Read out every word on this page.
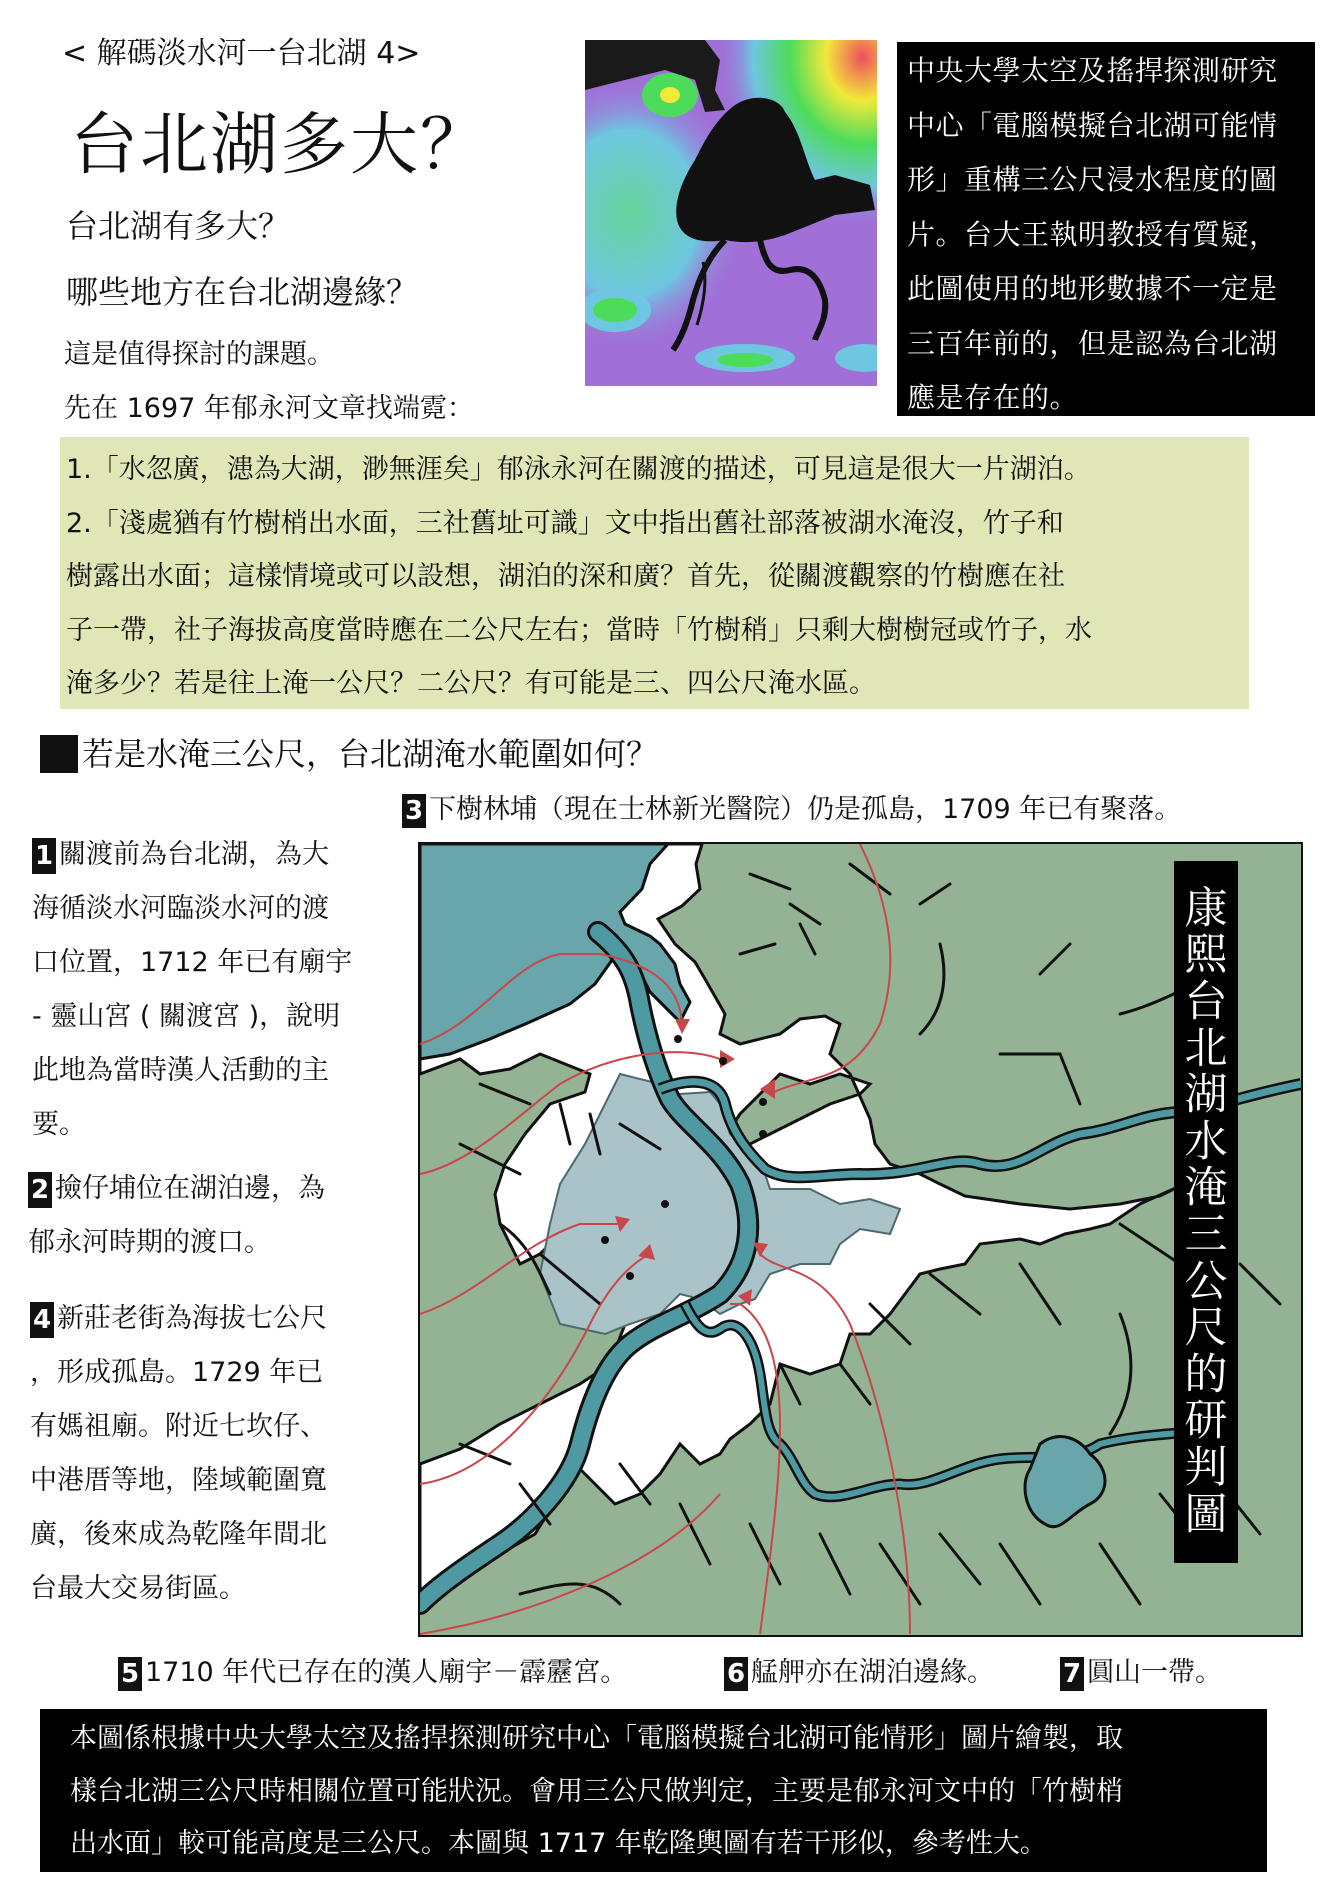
< 解碼淡水河一台北湖 4>
台北湖多大？
台北湖有多大？
哪些地方在台北湖邊緣？
這是值得探討的課題。
先在 1697 年郁永河文章找端霓：
中央大學太空及搖捍探測研究
中心「電腦模擬台北湖可能情
形」重構三公尺浸水程度的圖
片。台大王執明教授有質疑，
此圖使用的地形數據不一定是
三百年前的，但是認為台北湖
應是存在的。
1.「水忽廣，漶為大湖，渺無涯矣」郁泳永河在關渡的描述，可見這是很大一片湖泊。
2.「淺處猶有竹樹梢出水面，三社舊址可識」文中指出舊社部落被湖水淹沒，竹子和
樹露出水面；這樣情境或可以設想，湖泊的深和廣？首先，從關渡觀察的竹樹應在社
子一帶，社子海拔高度當時應在二公尺左右；當時「竹樹稍」只剩大樹樹冠或竹子，水
淹多少？若是往上淹一公尺？二公尺？有可能是三、四公尺淹水區。
若是水淹三公尺，台北湖淹水範圍如何？
3 下樹林埔（現在士林新光醫院）仍是孤島，1709 年已有聚落。
1 關渡前為台北湖，為大
海循淡水河臨淡水河的渡
口位置，1712 年已有廟宇
- 靈山宮 ( 關渡宮 )，說明
此地為當時漢人活動的主
要。
2 撿仔埔位在湖泊邊，為
郁永河時期的渡口。
4 新莊老街為海拔七公尺
，形成孤島。1729 年已
有媽祖廟。附近七坎仔、
中港厝等地，陸域範圍寬
廣，後來成為乾隆年間北
台最大交易街區。
康
熙
台
北
湖
水
淹
三
公
尺
的
研
判
圖
5 1710 年代已存在的漢人廟宇－霹靂宮。	6 艋舺亦在湖泊邊緣。	7 圓山一帶。
本圖係根據中央大學太空及搖捍探測研究中心「電腦模擬台北湖可能情形」圖片繪製，取
樣台北湖三公尺時相關位置可能狀況。會用三公尺做判定，主要是郁永河文中的「竹樹梢
出水面」較可能高度是三公尺。本圖與 1717 年乾隆輿圖有若干形似，參考性大。
